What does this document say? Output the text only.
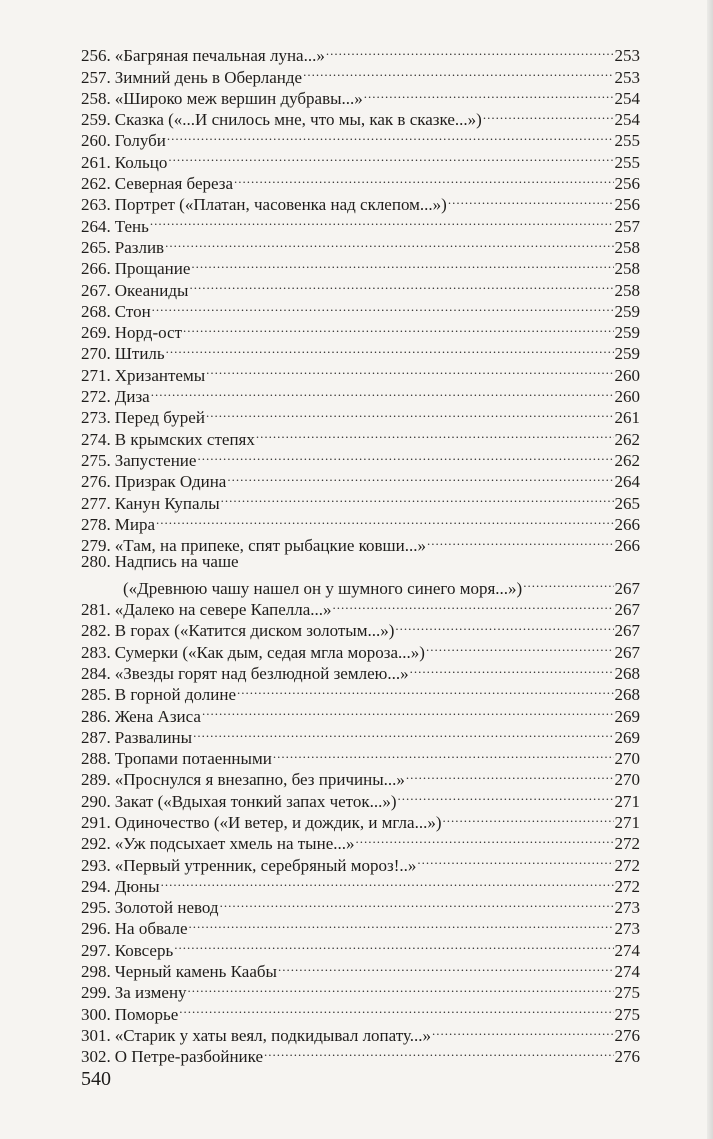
256. «Багряная печальная луна...» .....	253
257. Зимний день в Оберланде .....	253
258. «Широко меж вершин дубравы...» .....	254
259. Сказка («...И снилось мне, что мы, как в сказке...») .....	254
260. Голуби .....	255
261. Кольцо .....	255
262. Северная береза .....	256
263. Портрет («Платан, часовенка над склепом...») .....	256
264. Тень .....	257
265. Разлив .....	258
266. Прощание .....	258
267. Океаниды .....	258
268. Стон .....	259
269. Норд-ост .....	259
270. Штиль .....	259
271. Хризантемы .....	260
272. Диза .....	260
273. Перед бурей .....	261
274. В крымских степях .....	262
275. Запустение .....	262
276. Призрак Одина .....	264
277. Канун Купалы .....	265
278. Мира .....	266
279. «Там, на припеке, спят рыбацкие ковши...» .....	266
280. Надпись на чаше
(«Древнюю чашу нашел он у шумного синего моря...») .....	267
281. «Далеко на севере Капелла...» .....	267
282. В горах («Катится диском золотым...») .....	267
283. Сумерки («Как дым, седая мгла мороза...») .....	267
284. «Звезды горят над безлюдной землею...» .....	268
285. В горной долине .....	268
286. Жена Азиса .....	269
287. Развалины .....	269
288. Тропами потаенными .....	270
289. «Проснулся я внезапно, без причины...» .....	270
290. Закат («Вдыхая тонкий запах четок...») .....	271
291. Одиночество («И ветер, и дождик, и мгла...») .....	271
292. «Уж подсыхает хмель на тыне...» .....	272
293. «Первый утренник, серебряный мороз!..» .....	272
294. Дюны .....	272
295. Золотой невод .....	273
296. На обвале .....	273
297. Ковсерь .....	274
298. Черный камень Каабы .....	274
299. За измену .....	275
300. Поморье .....	275
301. «Старик у хаты веял, подкидывал лопату...» .....	276
302. О Петре-разбойнике .....	276
540
